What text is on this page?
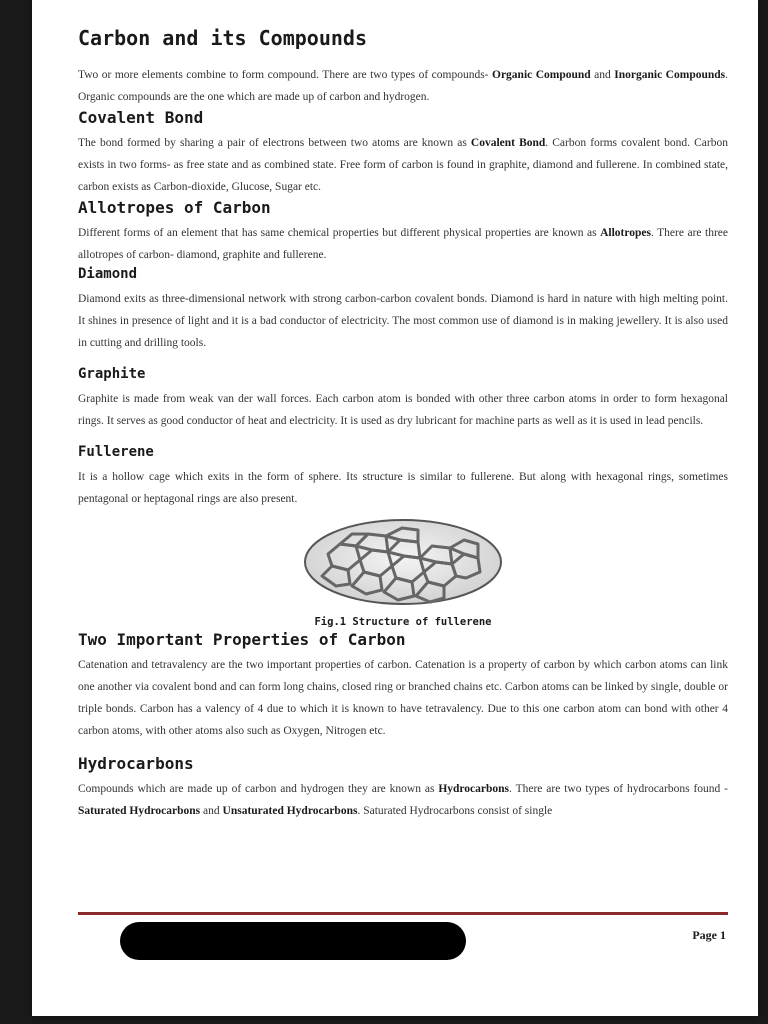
Carbon and its Compounds

Two or more elements combine to form compound. There are two types of compounds- Organic Compound and Inorganic Compounds. Organic compounds are the one which are made up of carbon and hydrogen.

Covalent Bond

The bond formed by sharing a pair of electrons between two atoms are known as Covalent Bond. Carbon forms covalent bond. Carbon exists in two forms- as free state and as combined state. Free form of carbon is found in graphite, diamond and fullerene. In combined state, carbon exists as Carbon-dioxide, Glucose, Sugar etc.

Allotropes of Carbon

Different forms of an element that has same chemical properties but different physical properties are known as Allotropes. There are three allotropes of carbon- diamond, graphite and fullerene.

Diamond

Diamond exits as three-dimensional network with strong carbon-carbon covalent bonds. Diamond is hard in nature with high melting point. It shines in presence of light and it is a bad conductor of electricity. The most common use of diamond is in making jewellery. It is also used in cutting and drilling tools.

Graphite

Graphite is made from weak van der wall forces. Each carbon atom is bonded with other three carbon atoms in order to form hexagonal rings. It serves as good conductor of heat and electricity. It is used as dry lubricant for machine parts as well as it is used in lead pencils.

Fullerene

It is a hollow cage which exits in the form of sphere. Its structure is similar to fullerene. But along with hexagonal rings, sometimes pentagonal or heptagonal rings are also present.

Fig.1 Structure of fullerene
Two Important Properties of Carbon

Catenation and tetravalency are the two important properties of carbon. Catenation is a property of carbon by which carbon atoms can link one another via covalent bond and can form long chains, closed ring or branched chains etc. Carbon atoms can be linked by single, double or triple bonds. Carbon has a valency of 4 due to which it is known to have tetravalency. Due to this one carbon atom can bond with other 4 carbon atoms, with other atoms also such as Oxygen, Nitrogen etc.

Hydrocarbons

Compounds which are made up of carbon and hydrogen they are known as Hydrocarbons. There are two types of hydrocarbons found - Saturated Hydrocarbons and Unsaturated Hydrocarbons. Saturated Hydrocarbons consist of single

Page 1
